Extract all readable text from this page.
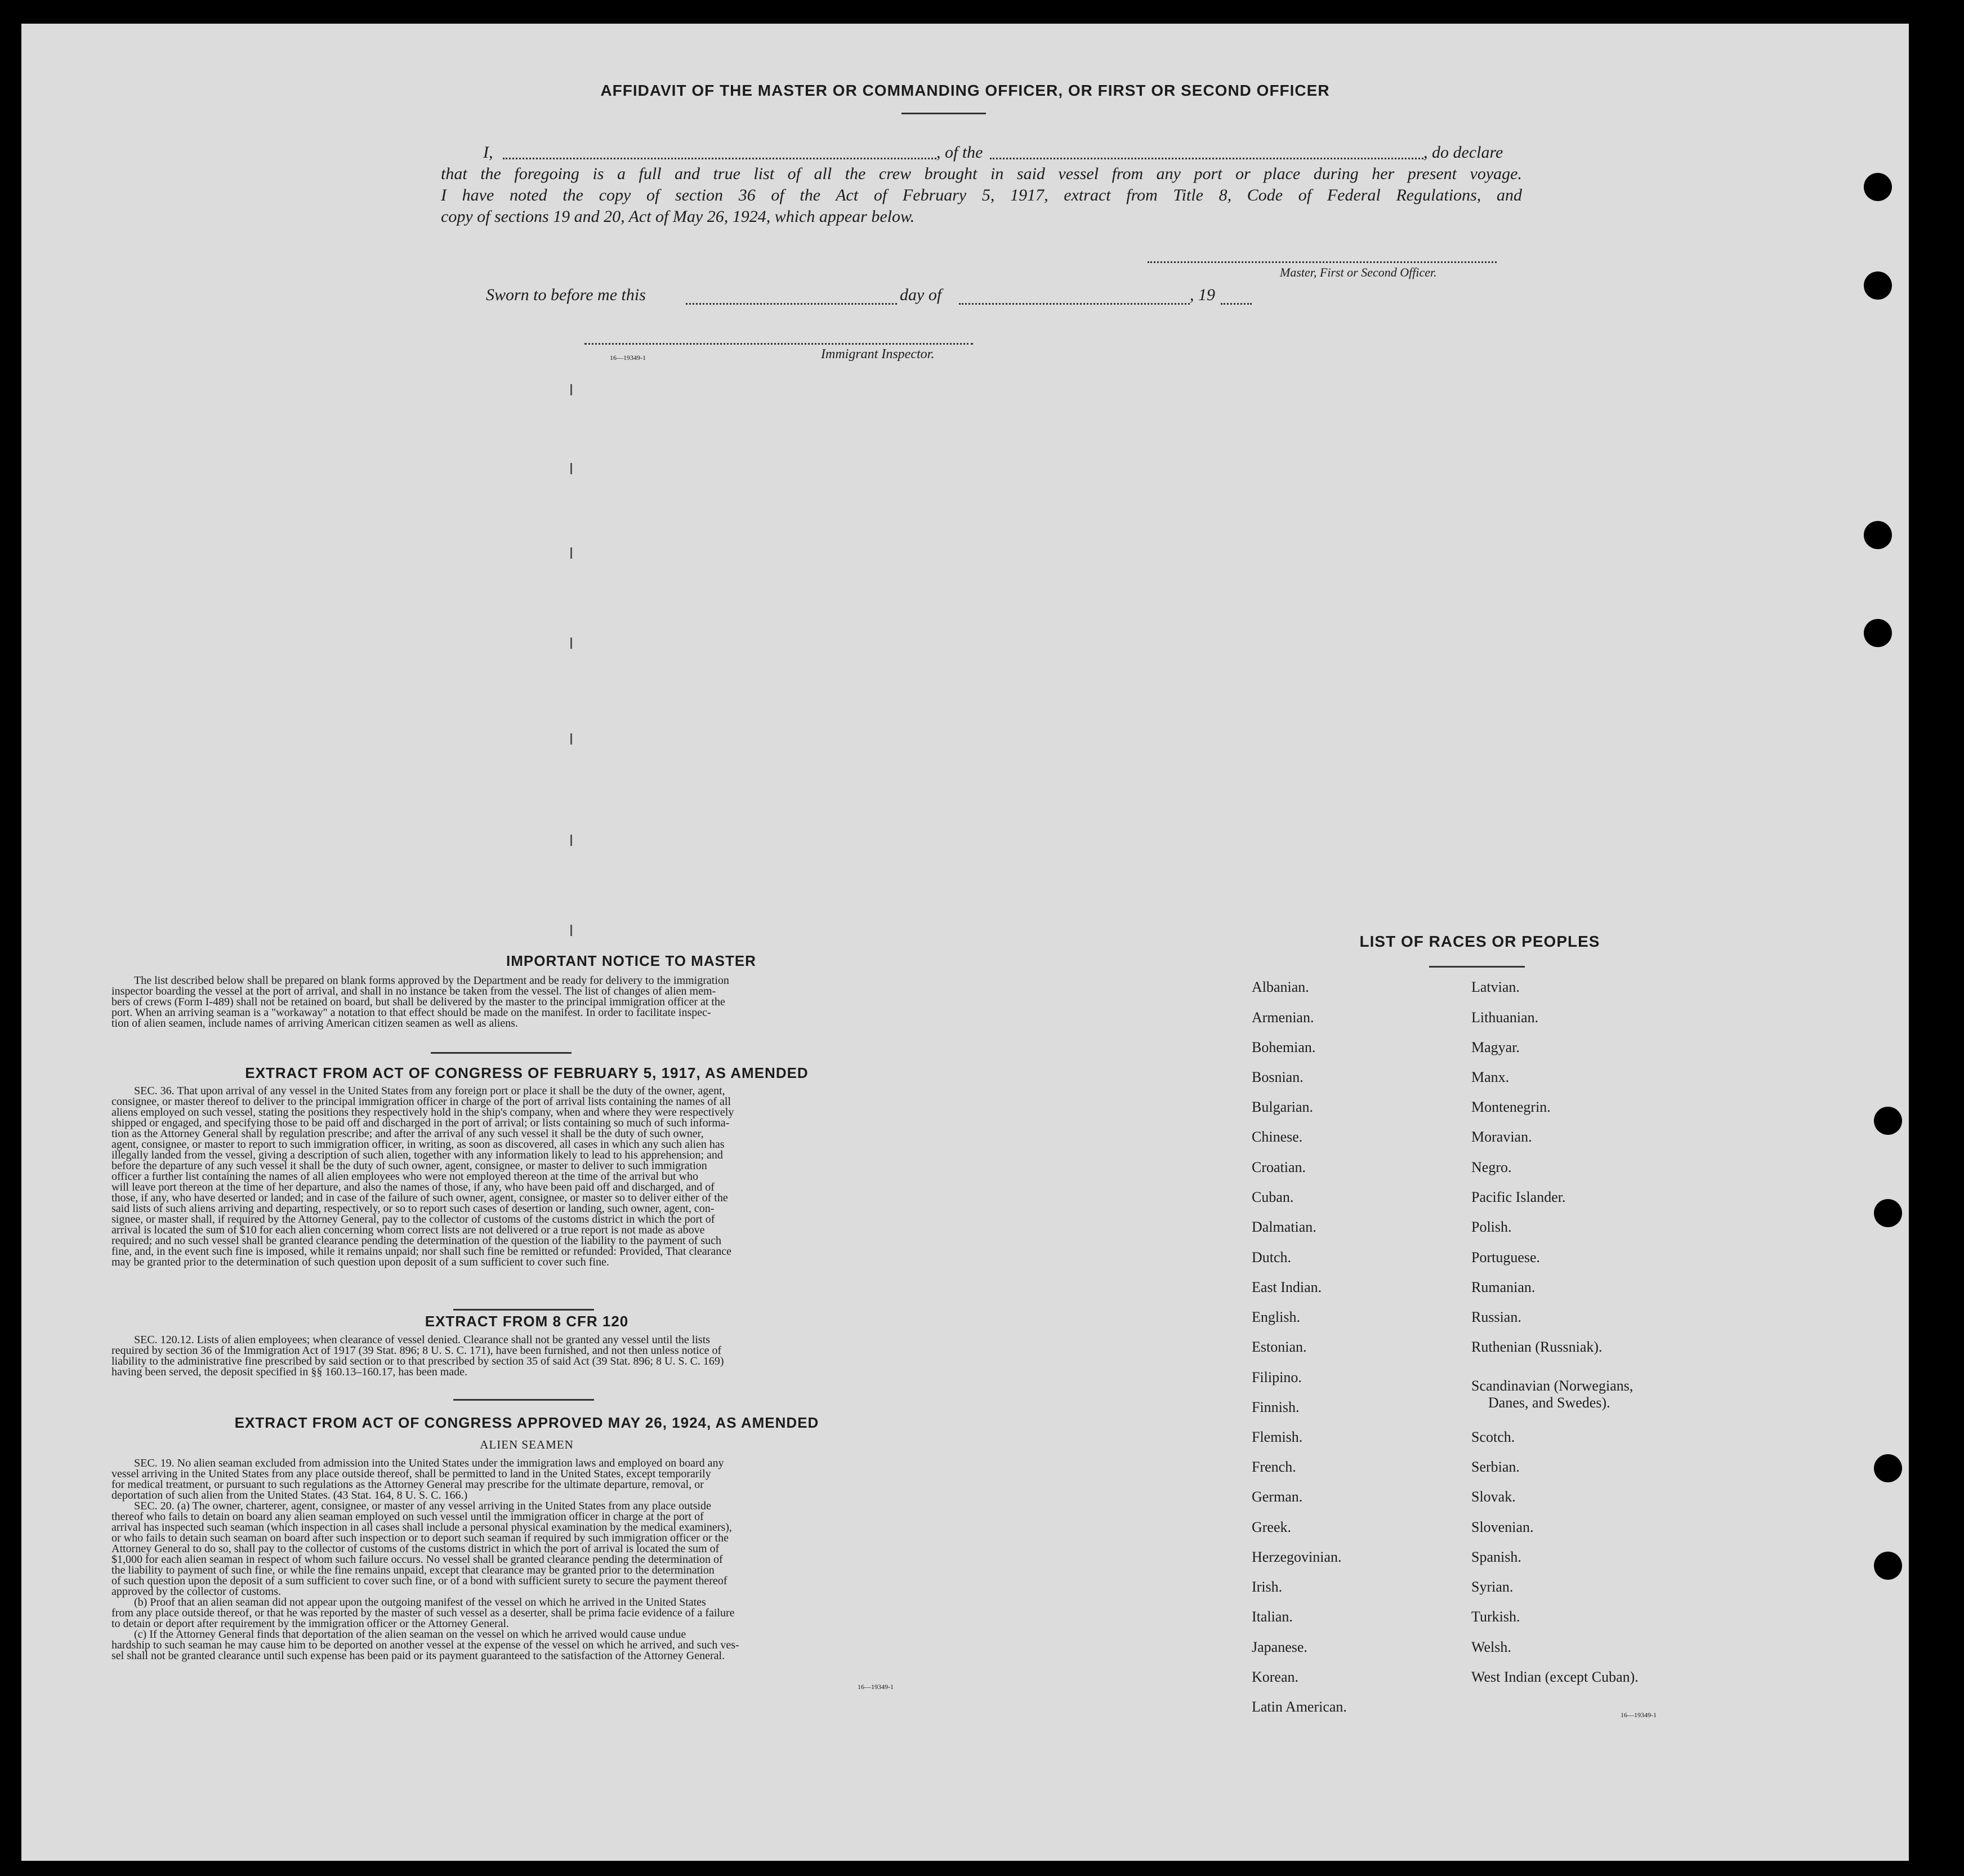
AFFIDAVIT OF THE MASTER OR COMMANDING OFFICER, OR FIRST OR SECOND OFFICER
I,	, of the	, do declare
that the foregoing is a full and true list of all the crew brought in said vessel from any port or place during her present voyage.
I have noted the copy of section 36 of the Act of February 5, 1917, extract from Title 8, Code of Federal Regulations, and
copy of sections 19 and 20, Act of May 26, 1924, which appear below.
Master, First or Second Officer.
Sworn to before me this	day of	, 19
16—19349-1	Immigrant Inspector.
IMPORTANT NOTICE TO MASTER
The list described below shall be prepared on blank forms approved by the Department and be ready for delivery to the immigration
inspector boarding the vessel at the port of arrival, and shall in no instance be taken from the vessel. The list of changes of alien mem-
bers of crews (Form I-489) shall not be retained on board, but shall be delivered by the master to the principal immigration officer at the
port. When an arriving seaman is a "workaway" a notation to that effect should be made on the manifest. In order to facilitate inspec-
tion of alien seamen, include names of arriving American citizen seamen as well as aliens.
EXTRACT FROM ACT OF CONGRESS OF FEBRUARY 5, 1917, AS AMENDED
SEC. 36. That upon arrival of any vessel in the United States from any foreign port or place it shall be the duty of the owner, agent,
consignee, or master thereof to deliver to the principal immigration officer in charge of the port of arrival lists containing the names of all
aliens employed on such vessel, stating the positions they respectively hold in the ship's company, when and where they were respectively
shipped or engaged, and specifying those to be paid off and discharged in the port of arrival; or lists containing so much of such informa-
tion as the Attorney General shall by regulation prescribe; and after the arrival of any such vessel it shall be the duty of such owner,
agent, consignee, or master to report to such immigration officer, in writing, as soon as discovered, all cases in which any such alien has
illegally landed from the vessel, giving a description of such alien, together with any information likely to lead to his apprehension; and
before the departure of any such vessel it shall be the duty of such owner, agent, consignee, or master to deliver to such immigration
officer a further list containing the names of all alien employees who were not employed thereon at the time of the arrival but who
will leave port thereon at the time of her departure, and also the names of those, if any, who have been paid off and discharged, and of
those, if any, who have deserted or landed; and in case of the failure of such owner, agent, consignee, or master so to deliver either of the
said lists of such aliens arriving and departing, respectively, or so to report such cases of desertion or landing, such owner, agent, con-
signee, or master shall, if required by the Attorney General, pay to the collector of customs of the customs district in which the port of
arrival is located the sum of $10 for each alien concerning whom correct lists are not delivered or a true report is not made as above
required; and no such vessel shall be granted clearance pending the determination of the question of the liability to the payment of such
fine, and, in the event such fine is imposed, while it remains unpaid; nor shall such fine be remitted or refunded: Provided, That clearance
may be granted prior to the determination of such question upon deposit of a sum sufficient to cover such fine.
EXTRACT FROM 8 CFR 120
SEC. 120.12. Lists of alien employees; when clearance of vessel denied. Clearance shall not be granted any vessel until the lists
required by section 36 of the Immigration Act of 1917 (39 Stat. 896; 8 U. S. C. 171), have been furnished, and not then unless notice of
liability to the administrative fine prescribed by said section or to that prescribed by section 35 of said Act (39 Stat. 896; 8 U. S. C. 169)
having been served, the deposit specified in §§ 160.13–160.17, has been made.
EXTRACT FROM ACT OF CONGRESS APPROVED MAY 26, 1924, AS AMENDED
ALIEN SEAMEN
SEC. 19. No alien seaman excluded from admission into the United States under the immigration laws and employed on board any
vessel arriving in the United States from any place outside thereof, shall be permitted to land in the United States, except temporarily
for medical treatment, or pursuant to such regulations as the Attorney General may prescribe for the ultimate departure, removal, or
deportation of such alien from the United States. (43 Stat. 164, 8 U. S. C. 166.)
SEC. 20. (a) The owner, charterer, agent, consignee, or master of any vessel arriving in the United States from any place outside
thereof who fails to detain on board any alien seaman employed on such vessel until the immigration officer in charge at the port of
arrival has inspected such seaman (which inspection in all cases shall include a personal physical examination by the medical examiners),
or who fails to detain such seaman on board after such inspection or to deport such seaman if required by such immigration officer or the
Attorney General to do so, shall pay to the collector of customs of the customs district in which the port of arrival is located the sum of
$1,000 for each alien seaman in respect of whom such failure occurs. No vessel shall be granted clearance pending the determination of
the liability to payment of such fine, or while the fine remains unpaid, except that clearance may be granted prior to the determination
of such question upon the deposit of a sum sufficient to cover such fine, or of a bond with sufficient surety to secure the payment thereof
approved by the collector of customs.
(b) Proof that an alien seaman did not appear upon the outgoing manifest of the vessel on which he arrived in the United States
from any place outside thereof, or that he was reported by the master of such vessel as a deserter, shall be prima facie evidence of a failure
to detain or deport after requirement by the immigration officer or the Attorney General.
(c) If the Attorney General finds that deportation of the alien seaman on the vessel on which he arrived would cause undue
hardship to such seaman he may cause him to be deported on another vessel at the expense of the vessel on which he arrived, and such ves-
sel shall not be granted clearance until such expense has been paid or its payment guaranteed to the satisfaction of the Attorney General.
16—19349-1
LIST OF RACES OR PEOPLES
Albanian.
Armenian.
Bohemian.
Bosnian.
Bulgarian.
Chinese.
Croatian.
Cuban.
Dalmatian.
Dutch.
East Indian.
English.
Estonian.
Filipino.
Finnish.
Flemish.
French.
German.
Greek.
Herzegovinian.
Irish.
Italian.
Japanese.
Korean.
Latin American.
Latvian.
Lithuanian.
Magyar.
Manx.
Montenegrin.
Moravian.
Negro.
Pacific Islander.
Polish.
Portuguese.
Rumanian.
Russian.
Ruthenian (Russniak).
Scandinavian (Norwegians,
Danes, and Swedes).
Scotch.
Serbian.
Slovak.
Slovenian.
Spanish.
Syrian.
Turkish.
Welsh.
West Indian (except Cuban).
16—19349-1
